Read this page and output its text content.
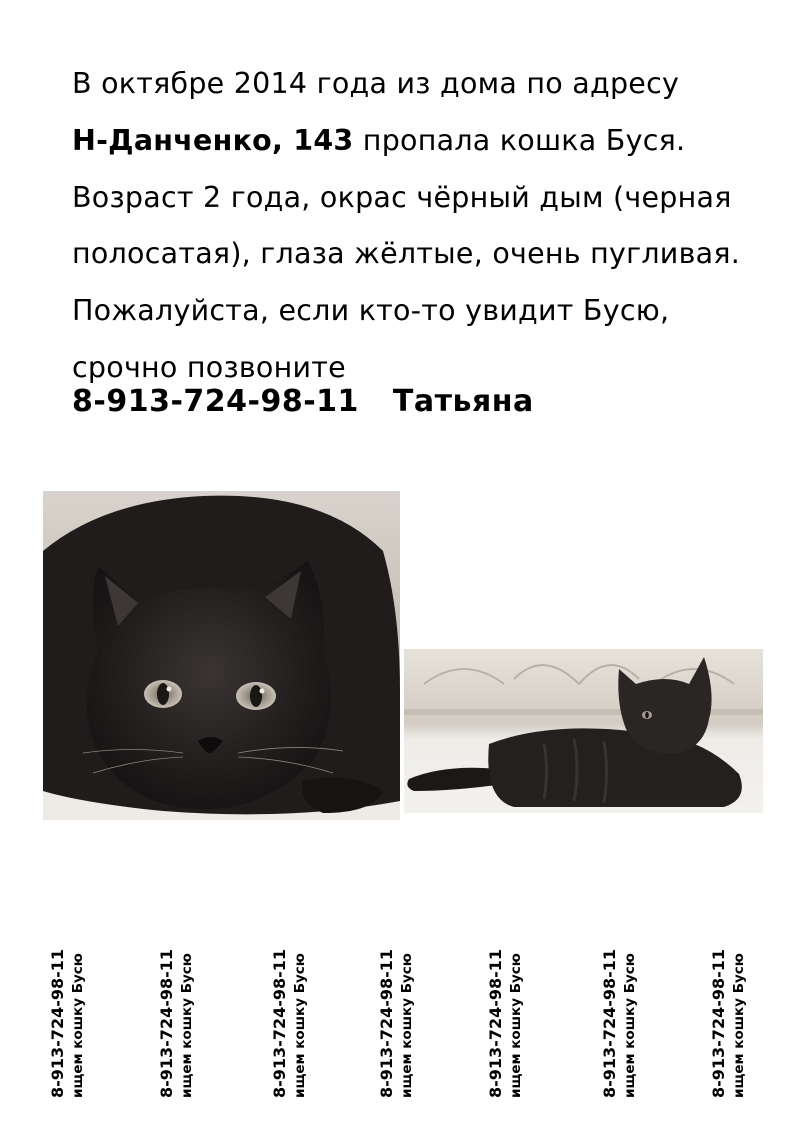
В октябре 2014 года из дома по адресу
Н-Данченко, 143 пропала кошка Буся.
Возраст 2 года, окрас чёрный дым (черная
полосатая), глаза жёлтые, очень пугливая.
Пожалуйста, если кто-то увидит Бусю,
срочно позвоните
8-913-724-98-11 Татьяна
8-913-724-98-11 ищем кошку Бусю	8-913-724-98-11 ищем кошку Бусю	8-913-724-98-11 ищем кошку Бусю	8-913-724-98-11 ищем кошку Бусю	8-913-724-98-11 ищем кошку Бусю	8-913-724-98-11 ищем кошку Бусю	8-913-724-98-11 ищем кошку Бусю
